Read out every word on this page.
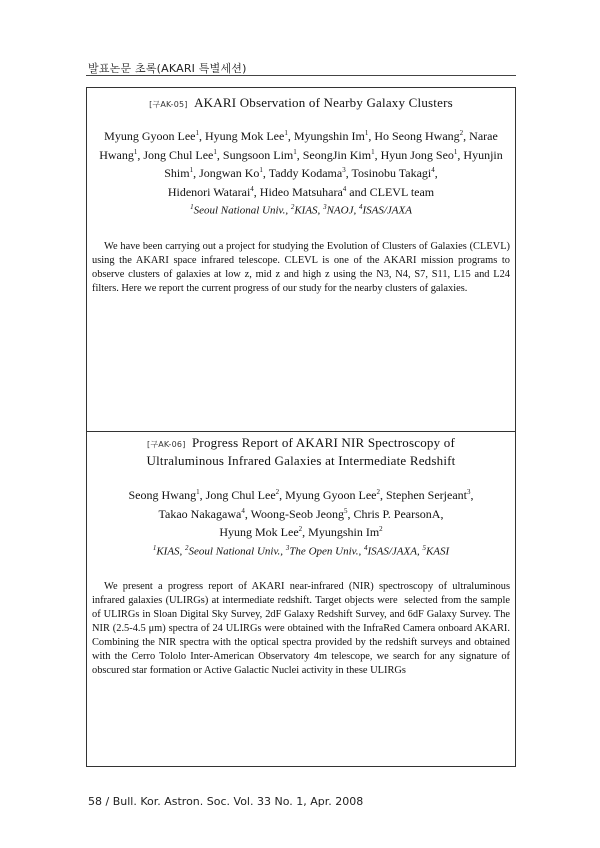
발표논문 초록(AKARI 특별세션)
[구AK-05] AKARI Observation of Nearby Galaxy Clusters
Myung Gyoon Lee$^1$, Hyung Mok Lee$^1$, Myungshin Im$^1$, Ho Seong Hwang$^2$, Narae Hwang$^1$, Jong Chul Lee$^1$, Sungsoon Lim$^1$, SeongJin Kim$^1$, Hyun Jong Seo$^1$, Hyunjin Shim$^1$, Jongwan Ko$^1$, Taddy Kodama$^3$, Tosinobu Takagi$^4$,
Hidenori Watarai$^4$, Hideo Matsuhara$^4$ and CLEVL team
$^1$Seoul National Univ., $^2$KIAS, $^3$NAOJ, $^4$ISAS/JAXA
We have been carrying out a project for studying the Evolution of Clusters of Galaxies (CLEVL) using the AKARI space infrared telescope. CLEVL is one of the AKARI mission programs to observe clusters of galaxies at low z, mid z and high z using the N3, N4, S7, S11, L15 and L24 filters. Here we report the current progress of our study for the nearby clusters of galaxies.
[구AK-06] Progress Report of AKARI NIR Spectroscopy of
Ultraluminous Infrared Galaxies at Intermediate Redshift
Seong Hwang$^1$, Jong Chul Lee$^2$, Myung Gyoon Lee$^2$, Stephen Serjeant$^3$,
Takao Nakagawa$^4$, Woong-Seob Jeong$^5$, Chris P. PearsonA,
Hyung Mok Lee$^2$, Myungshin Im$^2$
$^1$KIAS, $^2$Seoul National Univ., $^3$The Open Univ., $^4$ISAS/JAXA, $^5$KASI
We present a progress report of AKARI near-infrared (NIR) spectroscopy of ultraluminous infrared galaxies (ULIRGs) at intermediate redshift. Target objects were  selected from the sample of ULIRGs in Sloan Digital Sky Survey, 2dF Galaxy Redshift Survey, and 6dF Galaxy Survey. The NIR (2.5-4.5 μm) spectra of 24 ULIRGs were obtained with the InfraRed Camera onboard AKARI. Combining the NIR spectra with the optical spectra provided by the redshift surveys and obtained with the Cerro Tololo Inter-American Observatory 4m telescope, we search for any signature of obscured star formation or Active Galactic Nuclei activity in these ULIRGs
58 / Bull. Kor. Astron. Soc. Vol. 33 No. 1, Apr. 2008
